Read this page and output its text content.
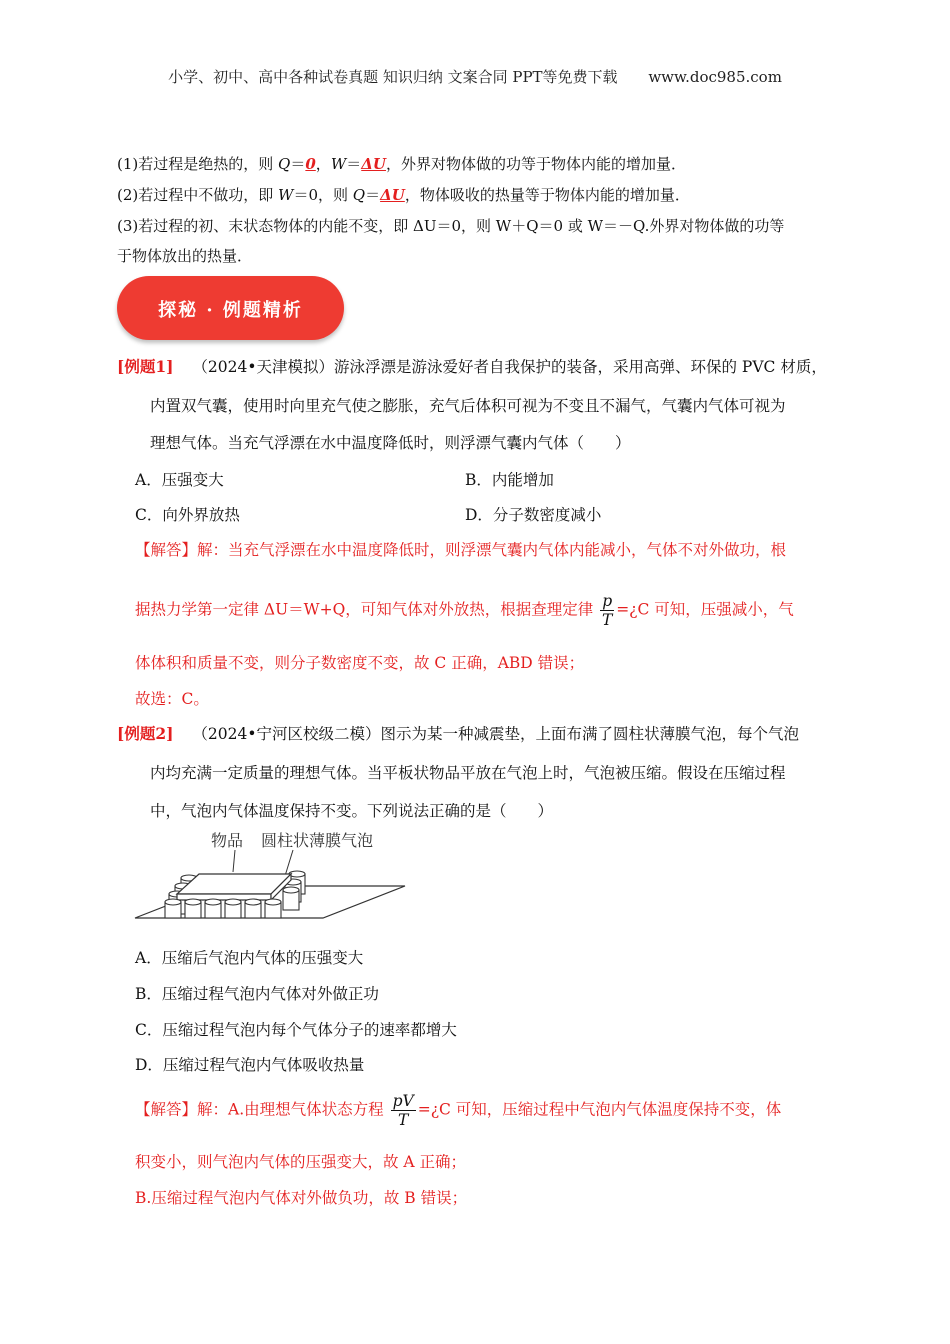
小学、初中、高中各种试卷真题 知识归纳 文案合同 PPT等免费下载 www.doc985.com
(1)若过程是绝热的，则 Q＝0，W＝ΔU，外界对物体做的功等于物体内能的增加量．
(2)若过程中不做功，即 W＝0，则 Q＝ΔU，物体吸收的热量等于物体内能的增加量．
(3)若过程的初、末状态物体的内能不变，即 ΔU＝0，则 W＋Q＝0 或 W＝－Q.外界对物体做的功等
于物体放出的热量．
探秘 · 例题精析
[例题1] （2024•天津模拟）游泳浮漂是游泳爱好者自我保护的装备，采用高弹、环保的 PVC 材质，
内置双气囊，使用时向里充气使之膨胀，充气后体积可视为不变且不漏气，气囊内气体可视为
理想气体。当充气浮漂在水中温度降低时，则浮漂气囊内气体（　　）
A．压强变大	B．内能增加
C．向外界放热	D．分子数密度减小
【解答】解：当充气浮漂在水中温度降低时，则浮漂气囊内气体内能减小，气体不对外做功，根
据热力学第一定律 ΔU＝W+Q，可知气体对外放热，根据查理定律 $\frac{p}{T}$ =¿C 可知，压强减小，气
体体积和质量不变，则分子数密度不变，故 C 正确，ABD 错误；
故选：C。
[例题2] （2024•宁河区校级二模）图示为某一种减震垫，上面布满了圆柱状薄膜气泡，每个气泡
内均充满一定质量的理想气体。当平板状物品平放在气泡上时，气泡被压缩。假设在压缩过程
中，气泡内气体温度保持不变。下列说法正确的是（　　）
物品 圆柱状薄膜气泡
A．压缩后气泡内气体的压强变大
B．压缩过程气泡内气体对外做正功
C．压缩过程气泡内每个气体分子的速率都增大
D．压缩过程气泡内气体吸收热量
【解答】解：A.由理想气体状态方程 $\frac{pV}{T}$ =¿C 可知，压缩过程中气泡内气体温度保持不变，体
积变小，则气泡内气体的压强变大，故 A 正确；
B.压缩过程气泡内气体对外做负功，故 B 错误；
